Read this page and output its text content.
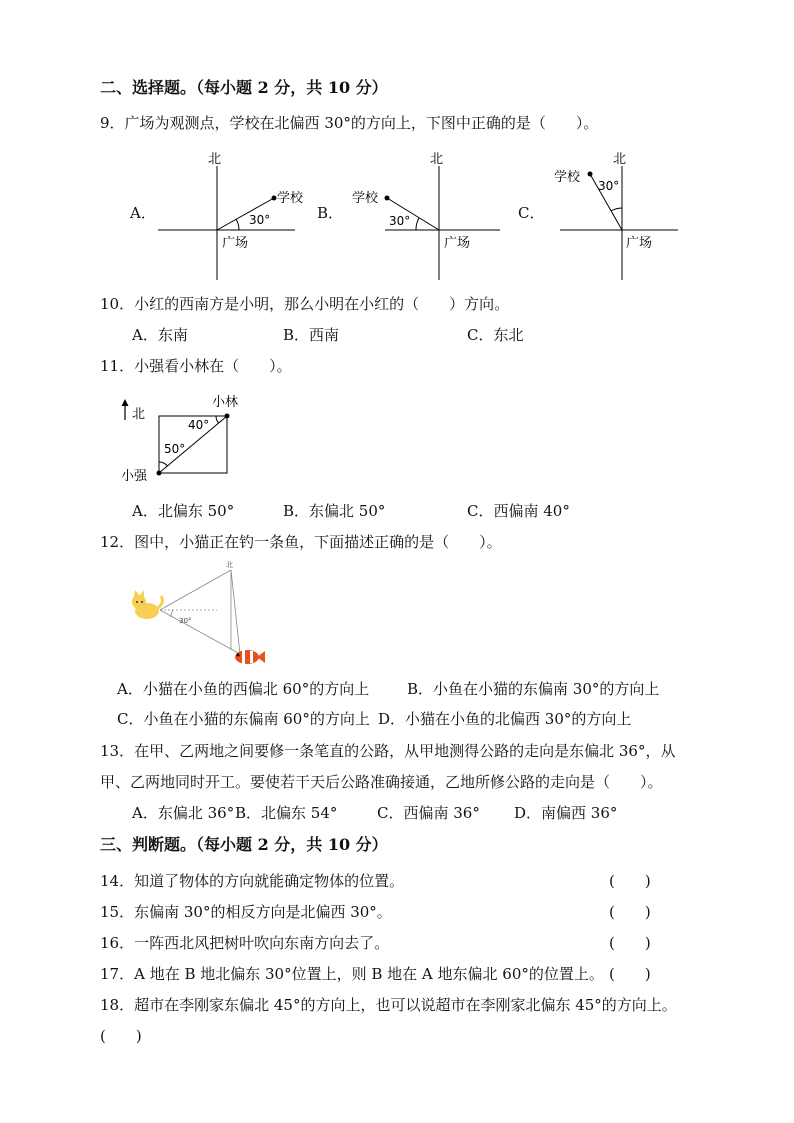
二、选择题。（每小题 2 分，共 10 分）
9．广场为观测点，学校在北偏西 30°的方向上，下图中正确的是（　　）。
A．
北
学校
30°
广场
B．
北
学校
30°
广场
C．
北
学校
30°
广场
10．小红的西南方是小明，那么小明在小红的（　　）方向。
A．东南	B．西南	C．东北
11．小强看小林在（　　）。
北
小林
40°
50°
小强
A．北偏东 50°	B．东偏北 50°	C．西偏南 40°
12．图中，小猫正在钓一条鱼，下面描述正确的是（　　）。
北
30°
A．小猫在小鱼的西偏北 60°的方向上	B．小鱼在小猫的东偏南 30°的方向上
C．小鱼在小猫的东偏南 60°的方向上 D．小猫在小鱼的北偏西 30°的方向上
13．在甲、乙两地之间要修一条笔直的公路，从甲地测得公路的走向是东偏北 36°，从
甲、乙两地同时开工。要使若干天后公路准确接通，乙地所修公路的走向是（　　）。
A．东偏北 36° B．北偏东 54°	C．西偏南 36° D．南偏西 36°
三、判断题。（每小题 2 分，共 10 分）
14．知道了物体的方向就能确定物体的位置。	(　　)
15．东偏南 30°的相反方向是北偏西 30°。	(　　)
16．一阵西北风把树叶吹向东南方向去了。	(　　)
17．A 地在 B 地北偏东 30°位置上，则 B 地在 A 地东偏北 60°的位置上。 (　　)
18．超市在李刚家东偏北 45°的方向上，也可以说超市在李刚家北偏东 45°的方向上。
(　　)
